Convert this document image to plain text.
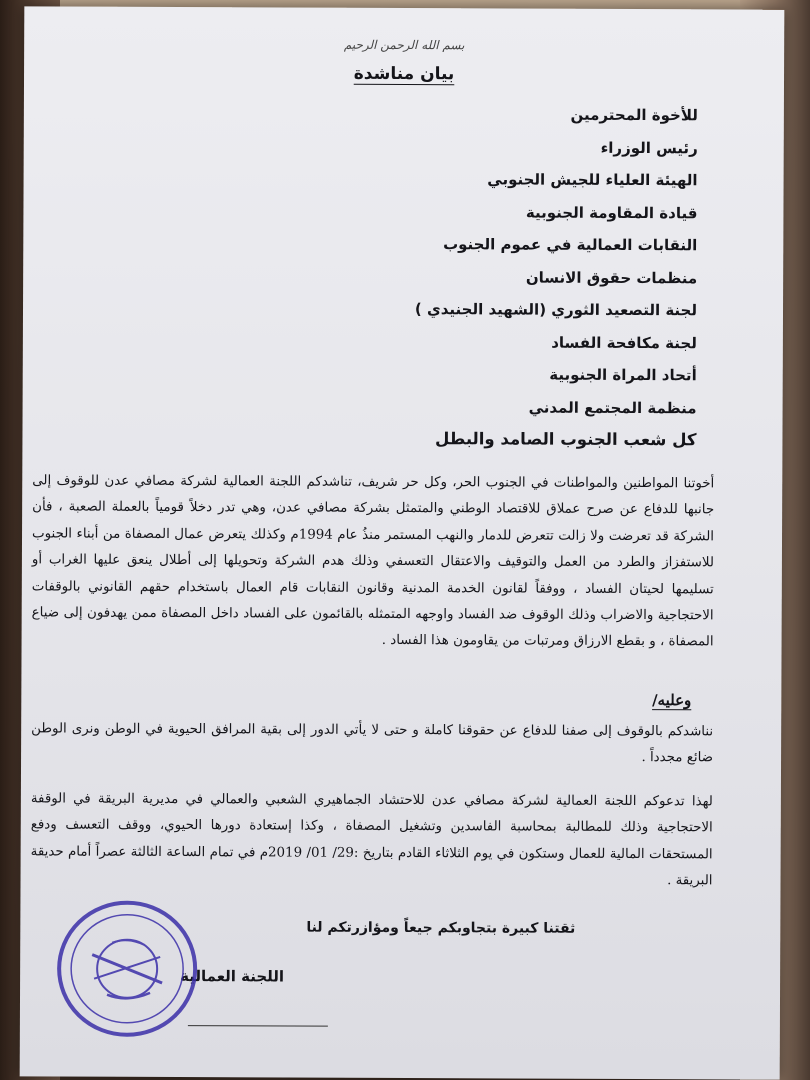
بسم الله الرحمن الرحيم
بيان مناشدة
للأخوة المحترمين
رئيس الوزراء
الهيئة العلياء للجيش الجنوبي
قيادة المقاومة الجنوبية
النقابات العمالية في عموم الجنوب
منظمات حقوق الانسان
لجنة التصعيد الثوري (الشهيد الجنيدي )
لجنة مكافحة الفساد
أتحاد المراة الجنوبية
منظمة المجتمع المدني
كل شعب الجنوب الصامد والبطل

أخوتنا المواطنين والمواطنات في الجنوب الحر، وكل حر شريف، تناشدكم اللجنة العمالية لشركة مصافي عدن للوقوف إلى جانبها للدفاع عن صرح عملاق للاقتصاد الوطني والمتمثل بشركة مصافي عدن، وهي تدر دخلاً قومياً بالعملة الصعبة ، فأن الشركة قد تعرضت ولا زالت تتعرض للدمار والنهب المستمر منذُ عام 1994م وكذلك يتعرض عمال المصفاة من أبناء الجنوب للاستفزاز والطرد من العمل والتوقيف والاعتقال التعسفي وذلك هدم الشركة وتحويلها إلى أطلال ينعق عليها الغراب أو تسليمها لحيتان الفساد ، ووفقاً لقانون الخدمة المدنية وقانون النقابات قام العمال باستخدام حقهم القانوني بالوقفات الاحتجاجية والاضراب وذلك الوقوف ضد الفساد واوجهه المتمثله بالقائمون على الفساد داخل المصفاة ممن يهدفون إلى ضياع المصفاة ، و بقطع الارزاق ومرتبات من يقاومون هذا الفساد .

وعليه/

نناشدكم بالوقوف إلى صفنا للدفاع عن حقوقنا كاملة و حتى لا يأتي الدور إلى بقية المرافق الحيوية في الوطن ونرى الوطن ضائع مجدداً .

لهذا تدعوكم اللجنة العمالية لشركة مصافي عدن للاحتشاد الجماهيري الشعبي والعمالي في مديرية البريقة في الوقفة الاحتجاجية وذلك للمطالبة بمحاسبة الفاسدين وتشغيل المصفاة ، وكذا إستعادة دورها الحيوي، ووقف التعسف ودفع المستحقات المالية للعمال وستكون في يوم الثلاثاء القادم بتاريخ :29/ 01/ 2019م في تمام الساعة الثالثة عصراً أمام حديقة البريقة .

ثقتنا كبيرة بتجاوبكم جيعاً ومؤازرتكم لنا
اللجنة العمالية
